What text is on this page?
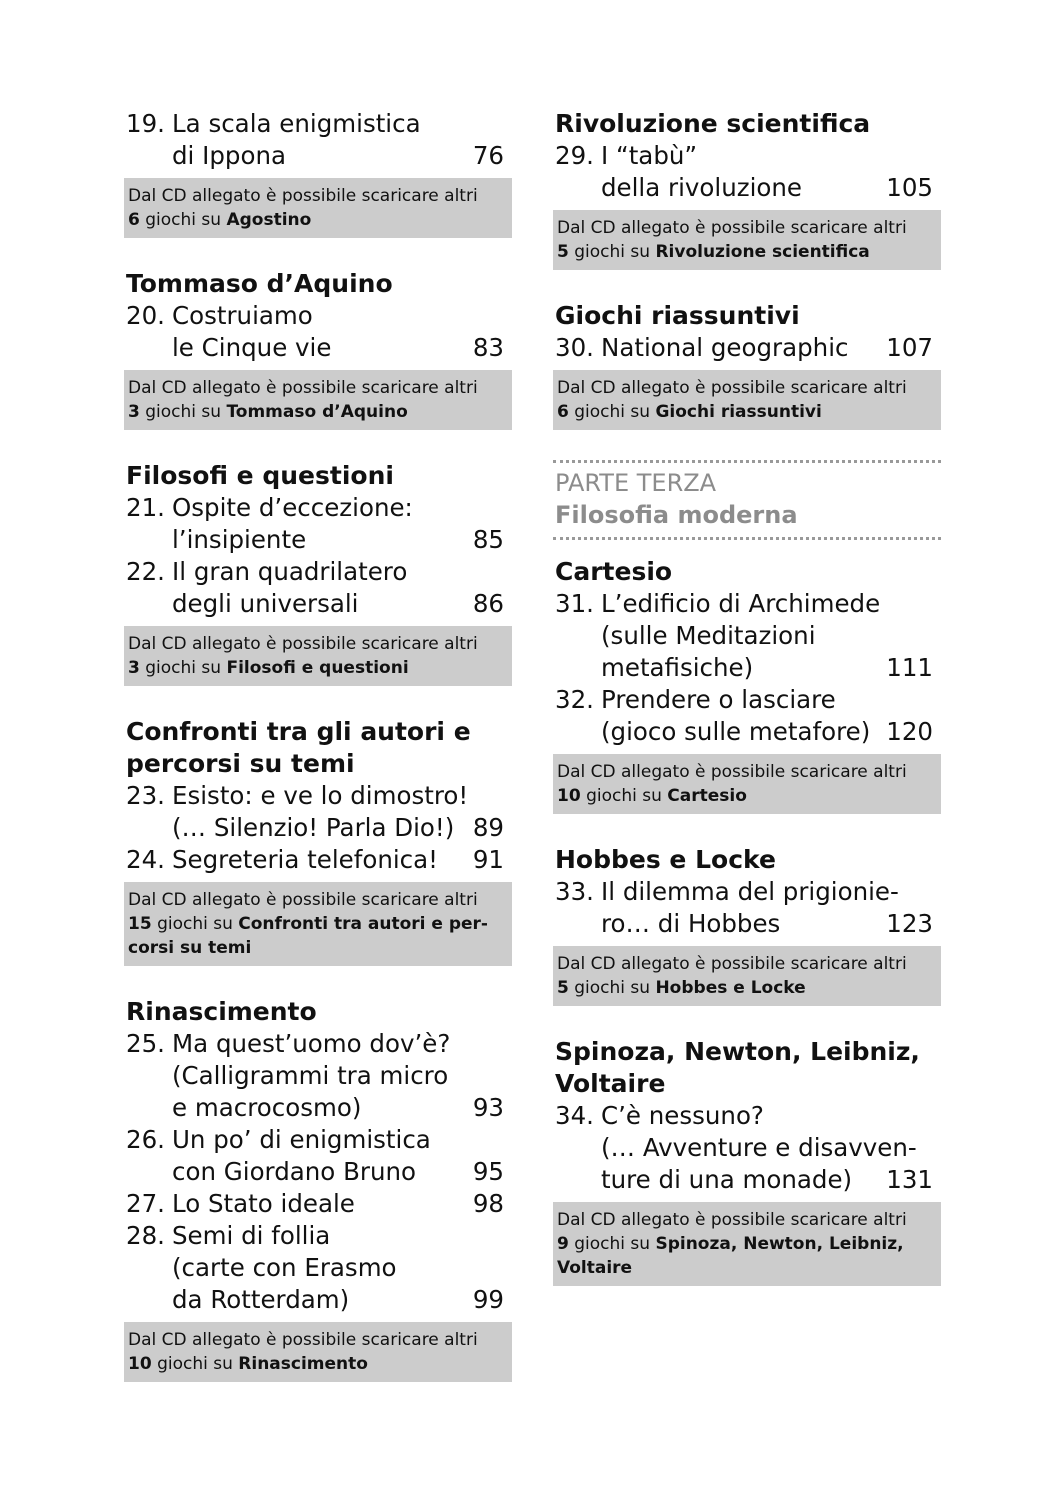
19. La scala enigmistica
di Ippona	76
Dal CD allegato è possibile scaricare altri
6 giochi su Agostino
Tommaso d’Aquino
20. Costruiamo
le Cinque vie	83
Dal CD allegato è possibile scaricare altri
3 giochi su Tommaso d’Aquino
Filosofi e questioni
21. Ospite d’eccezione:
l’insipiente	85
22. Il gran quadrilatero
degli universali	86
Dal CD allegato è possibile scaricare altri
3 giochi su Filosofi e questioni
Confronti tra gli autori e
percorsi su temi
23. Esisto: e ve lo dimostro!
(… Silenzio! Parla Dio!) 89
24. Segreteria telefonica!	91
Dal CD allegato è possibile scaricare altri
15 giochi su Confronti tra autori e per-
corsi su temi
Rinascimento
25. Ma quest’uomo dov’è?
(Calligrammi tra micro
e macrocosmo)	93
26. Un po’ di enigmistica
con Giordano Bruno	95
27. Lo Stato ideale	98
28. Semi di follia
(carte con Erasmo
da Rotterdam)	99
Dal CD allegato è possibile scaricare altri
10 giochi su Rinascimento
Rivoluzione scientifica
29. I “tabù”
della rivoluzione	105
Dal CD allegato è possibile scaricare altri
5 giochi su Rivoluzione scientifica
Giochi riassuntivi
30. National geographic	107
Dal CD allegato è possibile scaricare altri
6 giochi su Giochi riassuntivi
PARTE TERZA
Filosofia moderna
Cartesio
31. L’edificio di Archimede
(sulle Meditazioni
metafisiche)	111
32. Prendere o lasciare
(gioco sulle metafore) 120
Dal CD allegato è possibile scaricare altri
10 giochi su Cartesio
Hobbes e Locke
33. Il dilemma del prigionie-
ro… di Hobbes	123
Dal CD allegato è possibile scaricare altri
5 giochi su Hobbes e Locke
Spinoza, Newton, Leibniz,
Voltaire
34. C’è nessuno?
(… Avventure e disavven-
ture di una monade)	131
Dal CD allegato è possibile scaricare altri
9 giochi su Spinoza, Newton, Leibniz,
Voltaire
